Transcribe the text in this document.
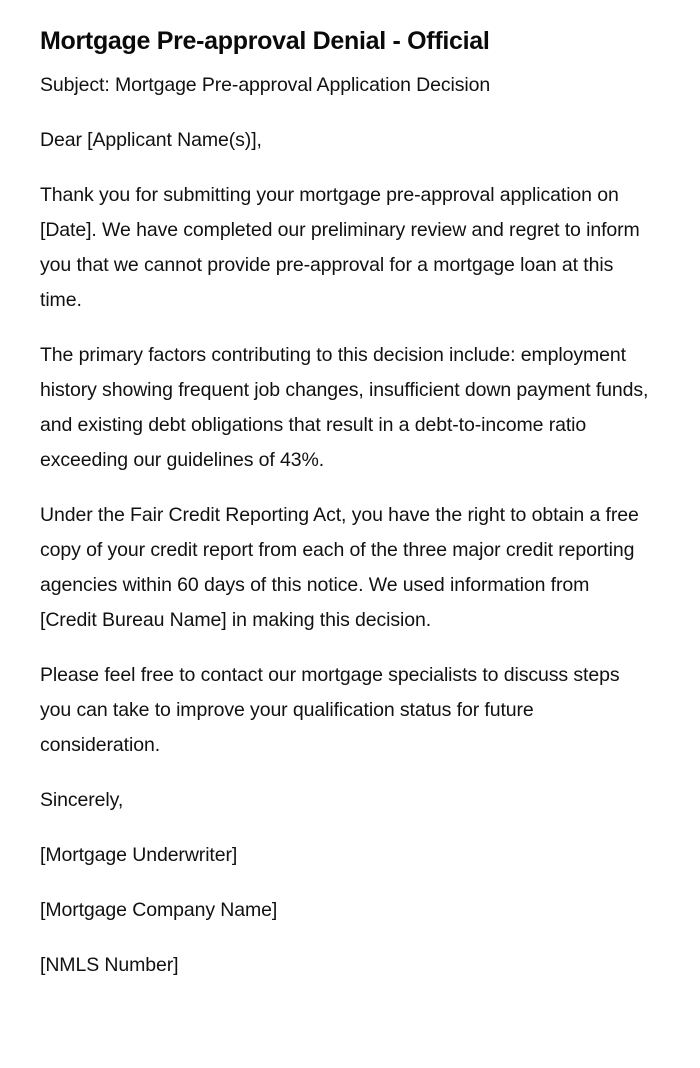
Mortgage Pre-approval Denial - Official

Subject: Mortgage Pre-approval Application Decision

Dear [Applicant Name(s)],

Thank you for submitting your mortgage pre-approval application on [Date]. We have completed our preliminary review and regret to inform you that we cannot provide pre-approval for a mortgage loan at this time.

The primary factors contributing to this decision include: employment history showing frequent job changes, insufficient down payment funds, and existing debt obligations that result in a debt-to-income ratio exceeding our guidelines of 43%.

Under the Fair Credit Reporting Act, you have the right to obtain a free copy of your credit report from each of the three major credit reporting agencies within 60 days of this notice. We used information from [Credit Bureau Name] in making this decision.

Please feel free to contact our mortgage specialists to discuss steps you can take to improve your qualification status for future consideration.

Sincerely,

[Mortgage Underwriter]

[Mortgage Company Name]

[NMLS Number]
